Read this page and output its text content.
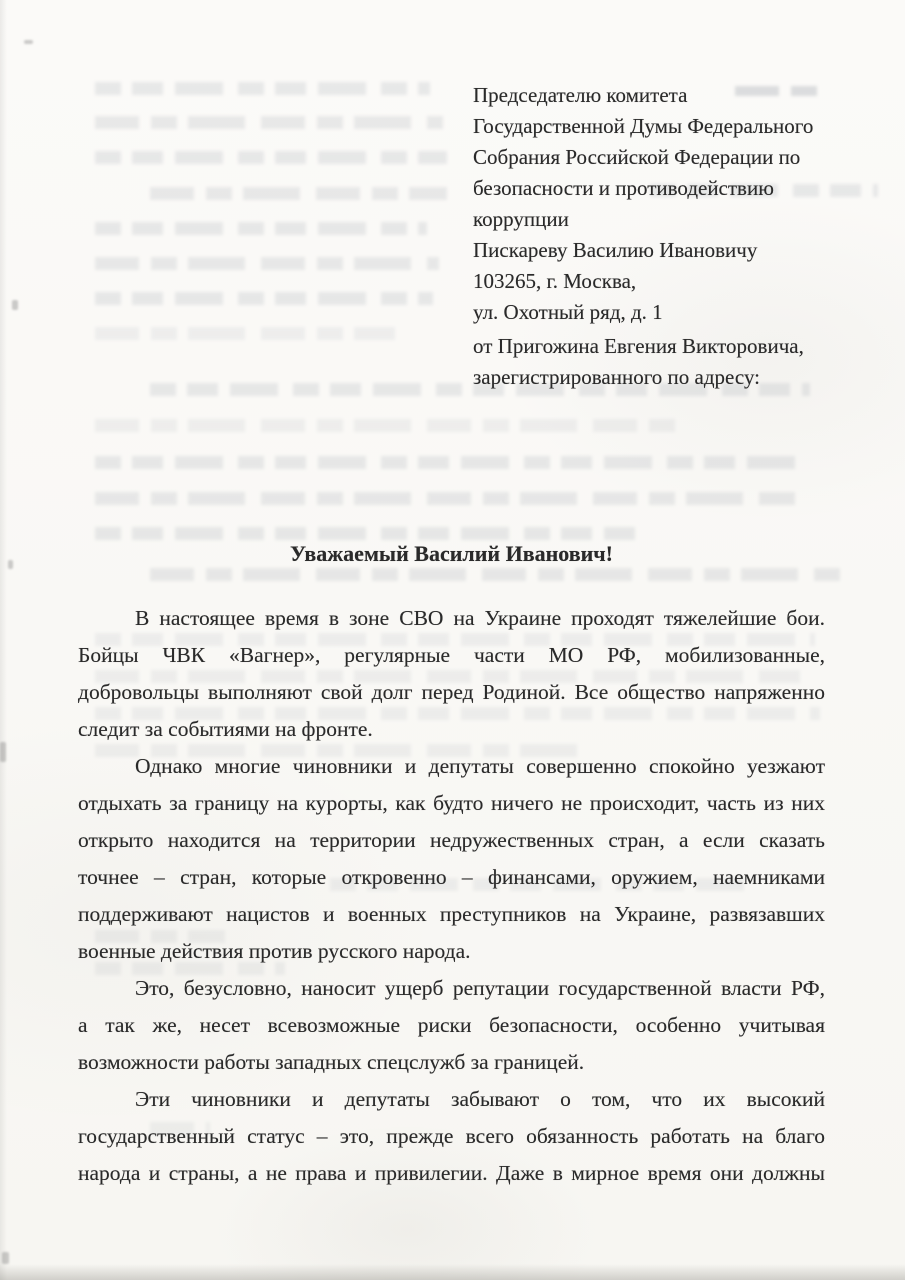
Председателю комитета
Государственной Думы Федерального
Собрания Российской Федерации по
безопасности и противодействию
коррупции
Пискареву Василию Ивановичу
103265, г. Москва,
ул. Охотный ряд, д. 1
от Пригожина Евгения Викторовича,
зарегистрированного по адресу:
Уважаемый Василий Иванович!
В настоящее время в зоне СВО на Украине проходят тяжелейшие бои.
Бойцы ЧВК «Вагнер», регулярные части МО РФ, мобилизованные,
добровольцы выполняют свой долг перед Родиной. Все общество напряженно
следит за событиями на фронте.
Однако многие чиновники и депутаты совершенно спокойно уезжают
отдыхать за границу на курорты, как будто ничего не происходит, часть из них
открыто находится на территории недружественных стран, а если сказать
точнее – стран, которые откровенно – финансами, оружием, наемниками
поддерживают нацистов и военных преступников на Украине, развязавших
военные действия против русского народа.
Это, безусловно, наносит ущерб репутации государственной власти РФ,
а так же, несет всевозможные риски безопасности, особенно учитывая
возможности работы западных спецслужб за границей.
Эти чиновники и депутаты забывают о том, что их высокий
государственный статус – это, прежде всего обязанность работать на благо
народа и страны, а не права и привилегии. Даже в мирное время они должны
